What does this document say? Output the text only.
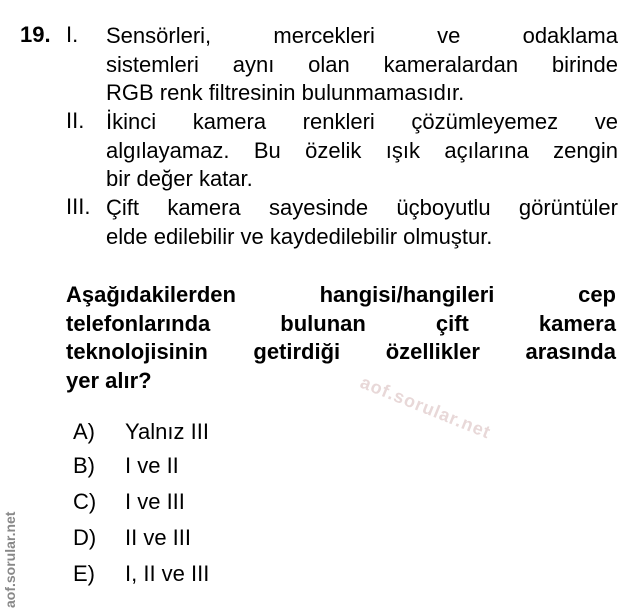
19. I. Sensörleri,	mercekleri	ve	odaklama
sistemleri aynı olan kameralardan birinde
RGB renk filtresinin bulunmamasıdır.
II. İkinci kamera renkleri çözümleyemez ve
algılayamaz. Bu özelik ışık açılarına zengin
bir değer katar.
III. Çift kamera sayesinde üçboyutlu görüntüler
elde edilebilir ve kaydedilebilir olmuştur.
Aşağıdakilerden	hangisi/hangileri	cep
telefonlarında	bulunan	çift	kamera
teknolojisinin getirdiği özellikler arasında
yer alır?
A) Yalnız III
B) I ve II
C) I ve III
D) II ve III
E) I, II ve III
aof.sorular.net
aof.sorular.net
